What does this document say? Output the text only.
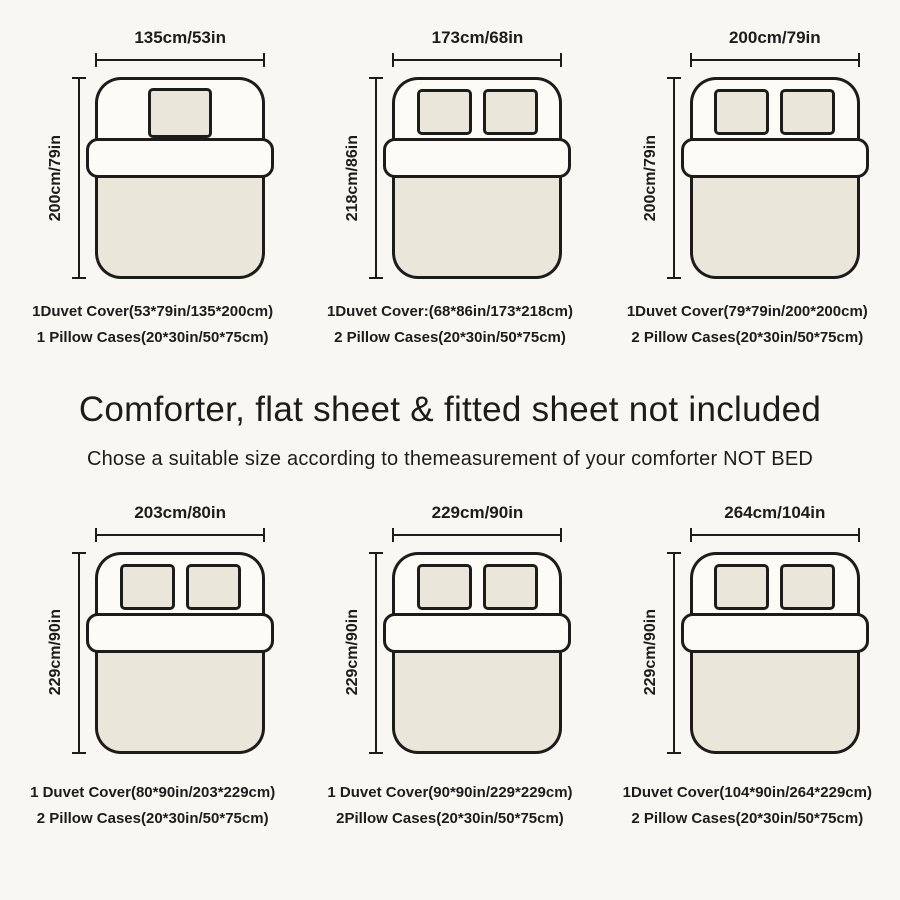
135cm/53in
200cm/79in
1Duvet Cover(53*79in/135*200cm)
1 Pillow Cases(20*30in/50*75cm)
173cm/68in
218cm/86in
1Duvet Cover:(68*86in/173*218cm)
2 Pillow Cases(20*30in/50*75cm)
200cm/79in
200cm/79in
1Duvet Cover(79*79in/200*200cm)
2 Pillow Cases(20*30in/50*75cm)
Comforter, flat sheet & fitted sheet not included

Chose a suitable size according to themeasurement of your comforter NOT BED

203cm/80in
229cm/90in
1 Duvet Cover(80*90in/203*229cm)
2 Pillow Cases(20*30in/50*75cm)
229cm/90in
229cm/90in
1 Duvet Cover(90*90in/229*229cm)
2Pillow Cases(20*30in/50*75cm)
264cm/104in
229cm/90in
1Duvet Cover(104*90in/264*229cm)
2 Pillow Cases(20*30in/50*75cm)
